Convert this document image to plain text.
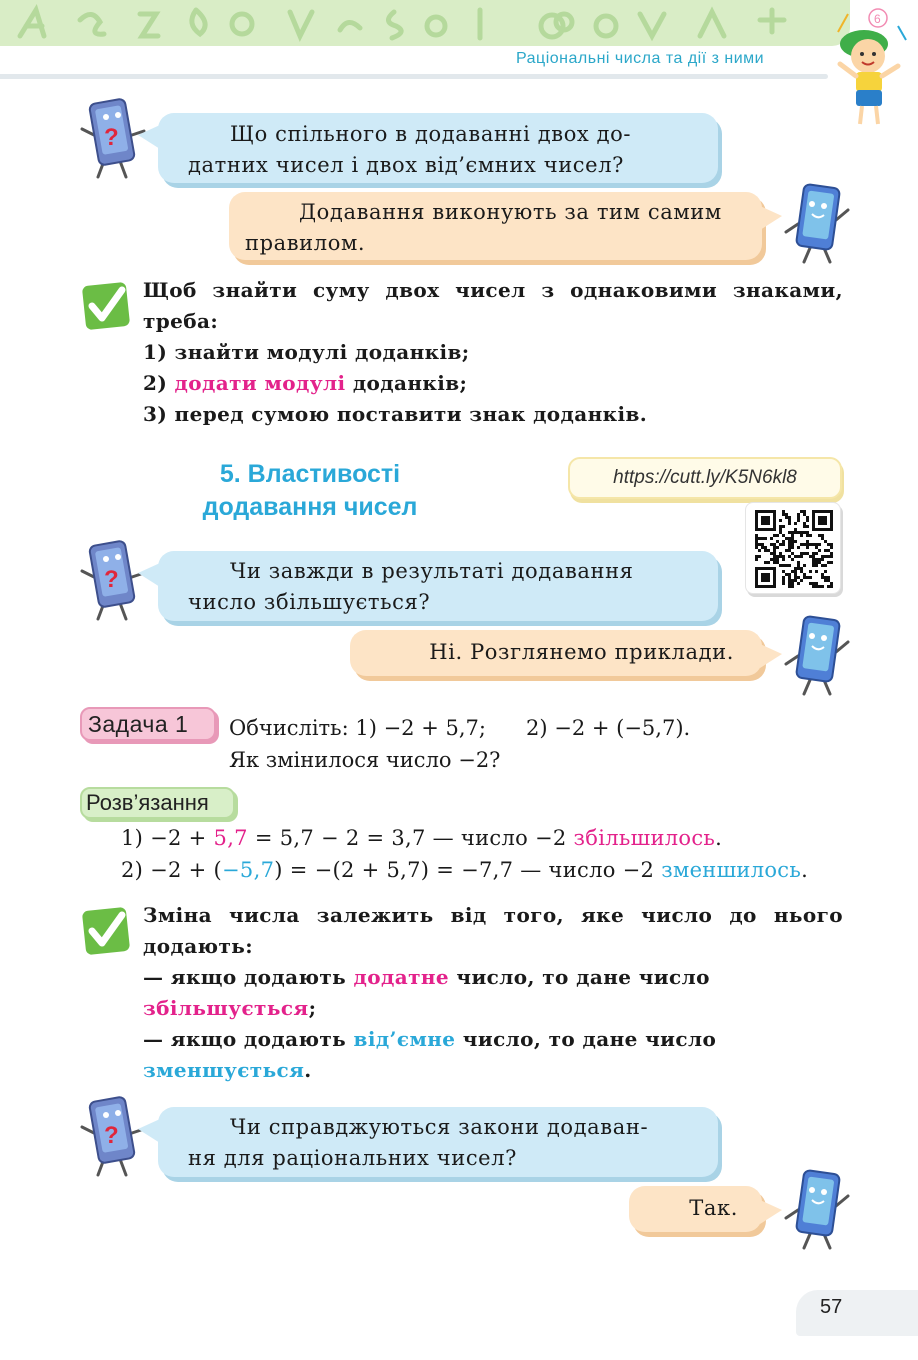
Раціональні числа та дії з ними
6
?	Що спільного в додаванні двох до-

датних чисел і двох від’ємних чисел?

Додавання виконують за тим самим

правилом.

Щоб знайти суму двох чисел з однаковими знаками,
треба:
1) знайти модулі доданків;
2) додати модулі доданків;
3) перед сумою поставити знак доданків.
5. Властивості
додавання чисел
https://cutt.ly/K5N6kl8
?	Чи завжди в результаті додавання

число збільшується?

Ні. Розглянемо приклади.
Задача 1	Обчисліть: 1) −2 + 5,7;      2) −2 + (−5,7).
Як змінилося число −2?
Розв’язання
1) −2 + 5,7 = 5,7 − 2 = 3,7 — число −2 збільшилось.
2) −2 + (−5,7) = −(2 + 5,7) = −7,7 — число −2 зменшилось.
Зміна числа залежить від того, яке число до нього
додають:
— якщо додають додатне число, то дане число
збільшується;
— якщо додають від’ємне число, то дане число
зменшується.
?	Чи справджуються закони додаван-

ня для раціональних чисел?

Так.
57
